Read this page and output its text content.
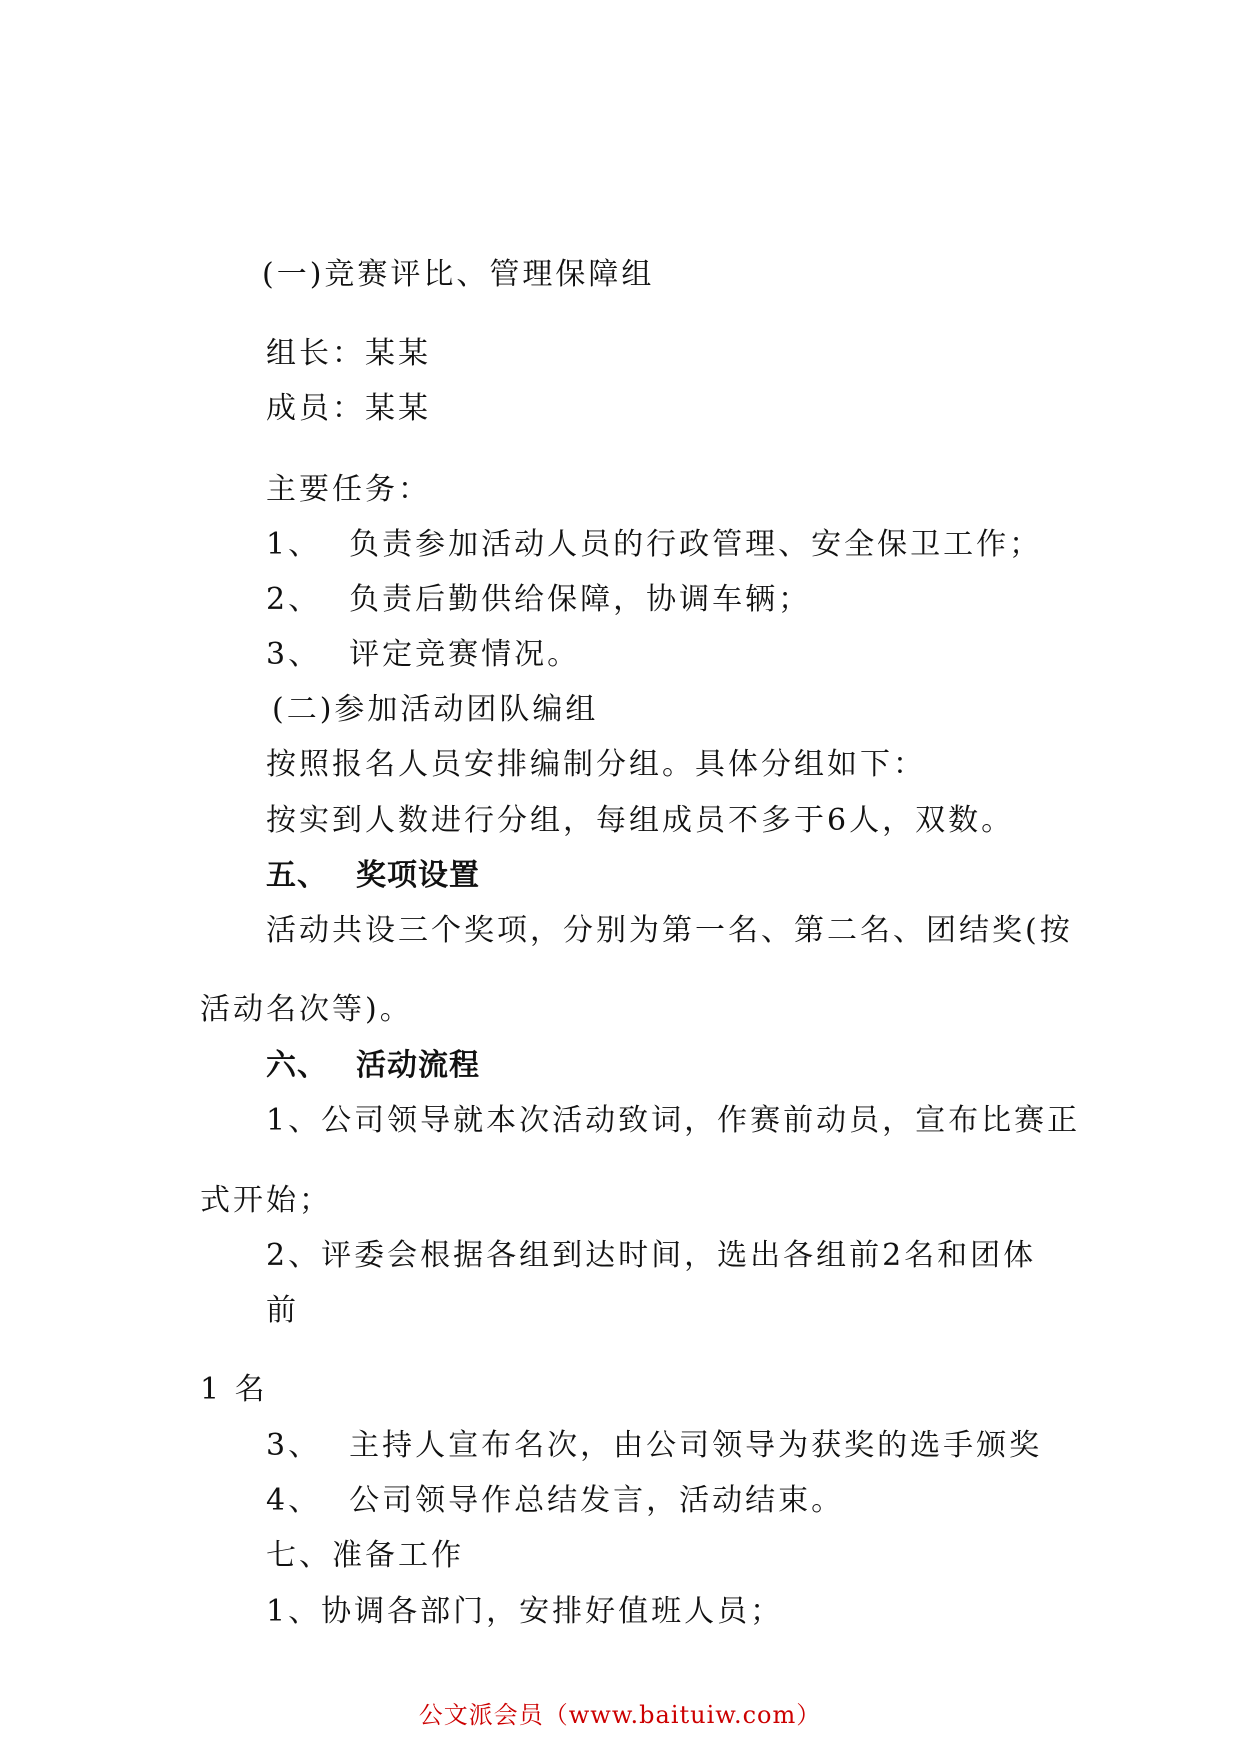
(一)竞赛评比、管理保障组
组长：某某
成员：某某
主要任务：
1、 负责参加活动人员的行政管理、安全保卫工作；
2、 负责后勤供给保障，协调车辆；
3、 评定竞赛情况。
(二)参加活动团队编组
按照报名人员安排编制分组。具体分组如下：
按实到人数进行分组，每组成员不多于6人，双数。
五、 奖项设置
活动共设三个奖项，分别为第一名、第二名、团结奖(按
活动名次等)。
六、 活动流程
1、公司领导就本次活动致词，作赛前动员，宣布比赛正
式开始；
2、评委会根据各组到达时间，选出各组前2名和团体
前
1 名
3、 主持人宣布名次，由公司领导为获奖的选手颁奖
4、 公司领导作总结发言，活动结束。
七、准备工作
1、协调各部门，安排好值班人员；
公文派会员（www.baituiw.com）
